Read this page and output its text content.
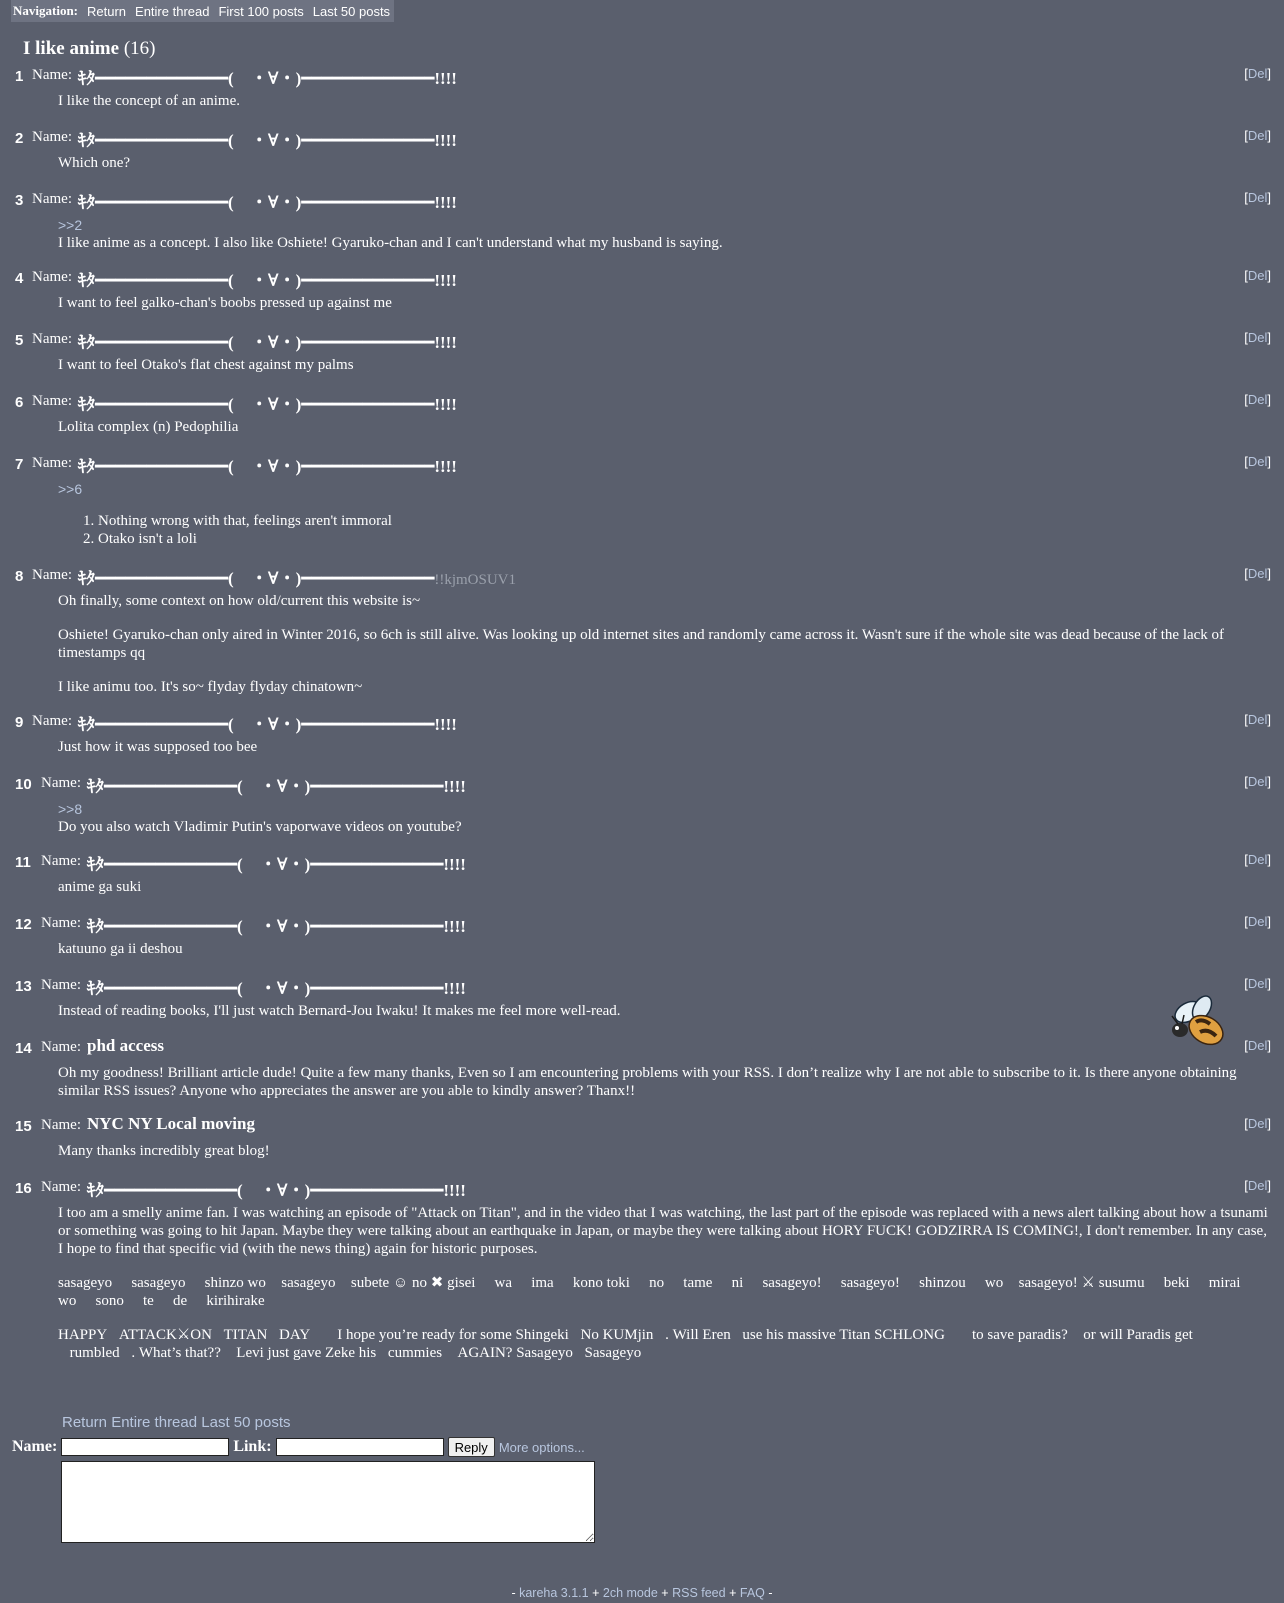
Navigation: Return Entire thread First 100 posts Last 50 posts
I like anime (16)
1 Name: ｷﾀ━━━━━━━━━━━━━(　・∀・)━━━━━━━━━━━━━!!!!	[Del]

I like the concept of an anime.

2 Name: ｷﾀ━━━━━━━━━━━━━(　・∀・)━━━━━━━━━━━━━!!!!	[Del]

Which one?

3 Name: ｷﾀ━━━━━━━━━━━━━(　・∀・)━━━━━━━━━━━━━!!!!	[Del]
>>2

I like anime as a concept. I also like Oshiete! Gyaruko-chan and I can't understand what my husband is saying.

4 Name: ｷﾀ━━━━━━━━━━━━━(　・∀・)━━━━━━━━━━━━━!!!!	[Del]

I want to feel galko-chan's boobs pressed up against me

5 Name: ｷﾀ━━━━━━━━━━━━━(　・∀・)━━━━━━━━━━━━━!!!!	[Del]

I want to feel Otako's flat chest against my palms

6 Name: ｷﾀ━━━━━━━━━━━━━(　・∀・)━━━━━━━━━━━━━!!!!	[Del]

Lolita complex (n) Pedophilia

7 Name: ｷﾀ━━━━━━━━━━━━━(　・∀・)━━━━━━━━━━━━━!!!!	[Del]
>>6
1. Nothing wrong with that, feelings aren't immoral
2. Otako isn't a loli
8 Name: ｷﾀ━━━━━━━━━━━━━(　・∀・)━━━━━━━━━━━━━!!kjmOSUV1	[Del]

Oh finally, some context on how old/current this website is~

Oshiete! Gyaruko-chan only aired in Winter 2016, so 6ch is still alive. Was looking up old internet sites and randomly came across it. Wasn't sure if the whole site was dead because of the lack of timestamps qq

I like animu too. It's so~ flyday flyday chinatown~

9 Name: ｷﾀ━━━━━━━━━━━━━(　・∀・)━━━━━━━━━━━━━!!!!	[Del]

Just how it was supposed too bee

10 Name: ｷﾀ━━━━━━━━━━━━━(　・∀・)━━━━━━━━━━━━━!!!!	[Del]
>>8

Do you also watch Vladimir Putin's vaporwave videos on youtube?

11 Name: ｷﾀ━━━━━━━━━━━━━(　・∀・)━━━━━━━━━━━━━!!!!	[Del]

anime ga suki

12 Name: ｷﾀ━━━━━━━━━━━━━(　・∀・)━━━━━━━━━━━━━!!!!	[Del]

katuuno ga ii deshou

13 Name: ｷﾀ━━━━━━━━━━━━━(　・∀・)━━━━━━━━━━━━━!!!!	[Del]

Instead of reading books, I'll just watch Bernard-Jou Iwaku! It makes me feel more well-read.

14 Name: phd access	[Del]

Oh my goodness! Brilliant article dude! Quite a few many thanks, Even so I am encountering problems with your RSS. I don’t realize why I are not able to subscribe to it. Is there anyone obtaining similar RSS issues? Anyone who appreciates the answer are you able to kindly answer? Thanx!!

15 Name: NYC NY Local moving	[Del]

Many thanks incredibly great blog!

16 Name: ｷﾀ━━━━━━━━━━━━━(　・∀・)━━━━━━━━━━━━━!!!!	[Del]

I too am a smelly anime fan. I was watching an episode of "Attack on Titan", and in the video that I was watching, the last part of the episode was replaced with a news alert talking about how a tsunami or something was going to hit Japan. Maybe they were talking about an earthquake in Japan, or maybe they were talking about HORY FUCK! GODZIRRA IS COMING!, I don't remember. In any case, I hope to find that specific vid (with the news thing) again for historic purposes.

sasageyo 􏿾 sasageyo 􏿾 shinzo wo 􏿾sasageyo􏿾 subete ☺ no ✖ gisei 􏿾 wa 􏿾 ima 􏿾 kono toki 􏿾 no 􏿾 tame 􏿾 ni 􏿾 sasageyo! 􏿾 sasageyo! 􏿾 shinzou 􏿾 wo 􏿾sasageyo! ⚔ susumu 􏿾 beki 􏿾 mirai 􏿾 wo 􏿾 sono 􏿾 te 􏿾 de 􏿾 kirihirake 􏿾

HAPPY􏿾ATTACK⚔ON􏿾TITAN􏿾DAY􏿾􏿾 I hope you’re ready for some Shingeki􏿾No KUMjin􏿾. Will Eren􏿾use his massive Titan SCHLONG􏿾􏿾 to save paradis?􏿾 or will Paradis get 􏿾rumbled􏿾. What’s that??􏿾 Levi just gave Zeke his􏿾cummies􏿾 AGAIN? Sasageyo􏿾Sasageyo􏿾􏿾

Return Entire thread Last 50 posts
Name:	Link:	Reply More options...
- kareha 3.1.1 + 2ch mode + RSS feed + FAQ -
